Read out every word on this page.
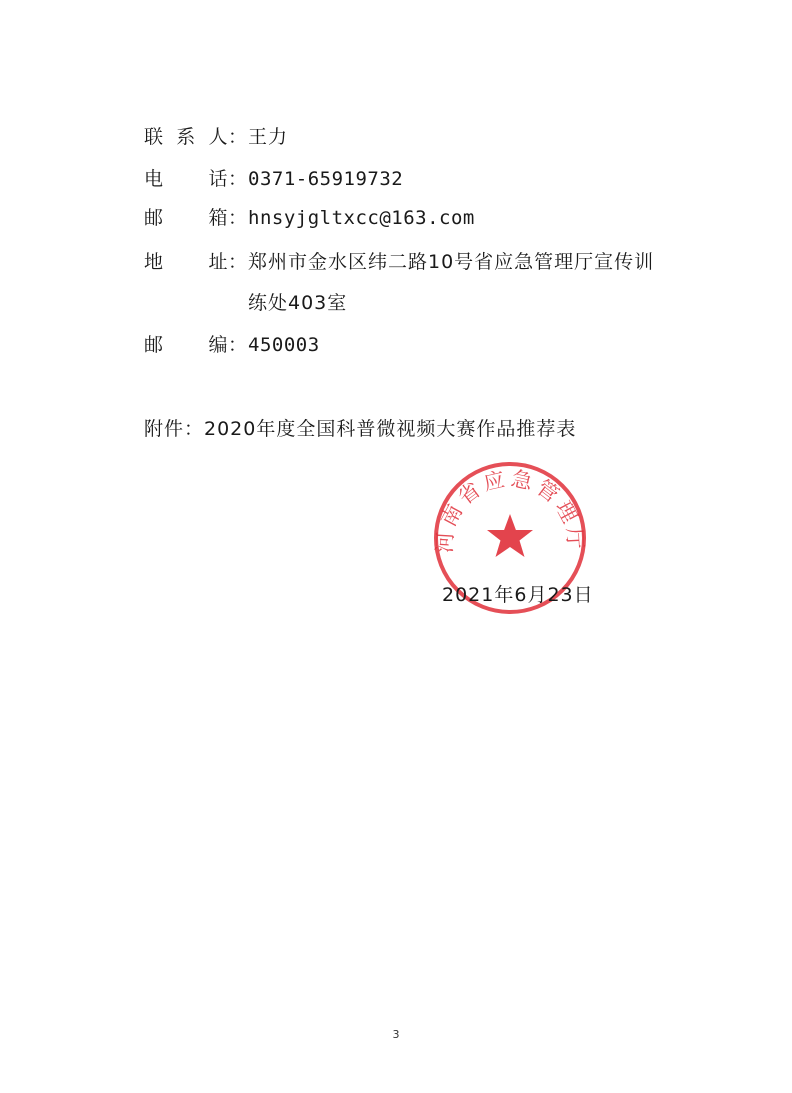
联系人：王力
电话：0371-65919732
邮箱：hnsyjgltxcc@163.com
地址：郑州市金水区纬二路10号省应急管理厅宣传训
练处403室
邮编：450003
附件：2020年度全国科普微视频大赛作品推荐表
河南省应急管理厅
2021年6月23日
3
